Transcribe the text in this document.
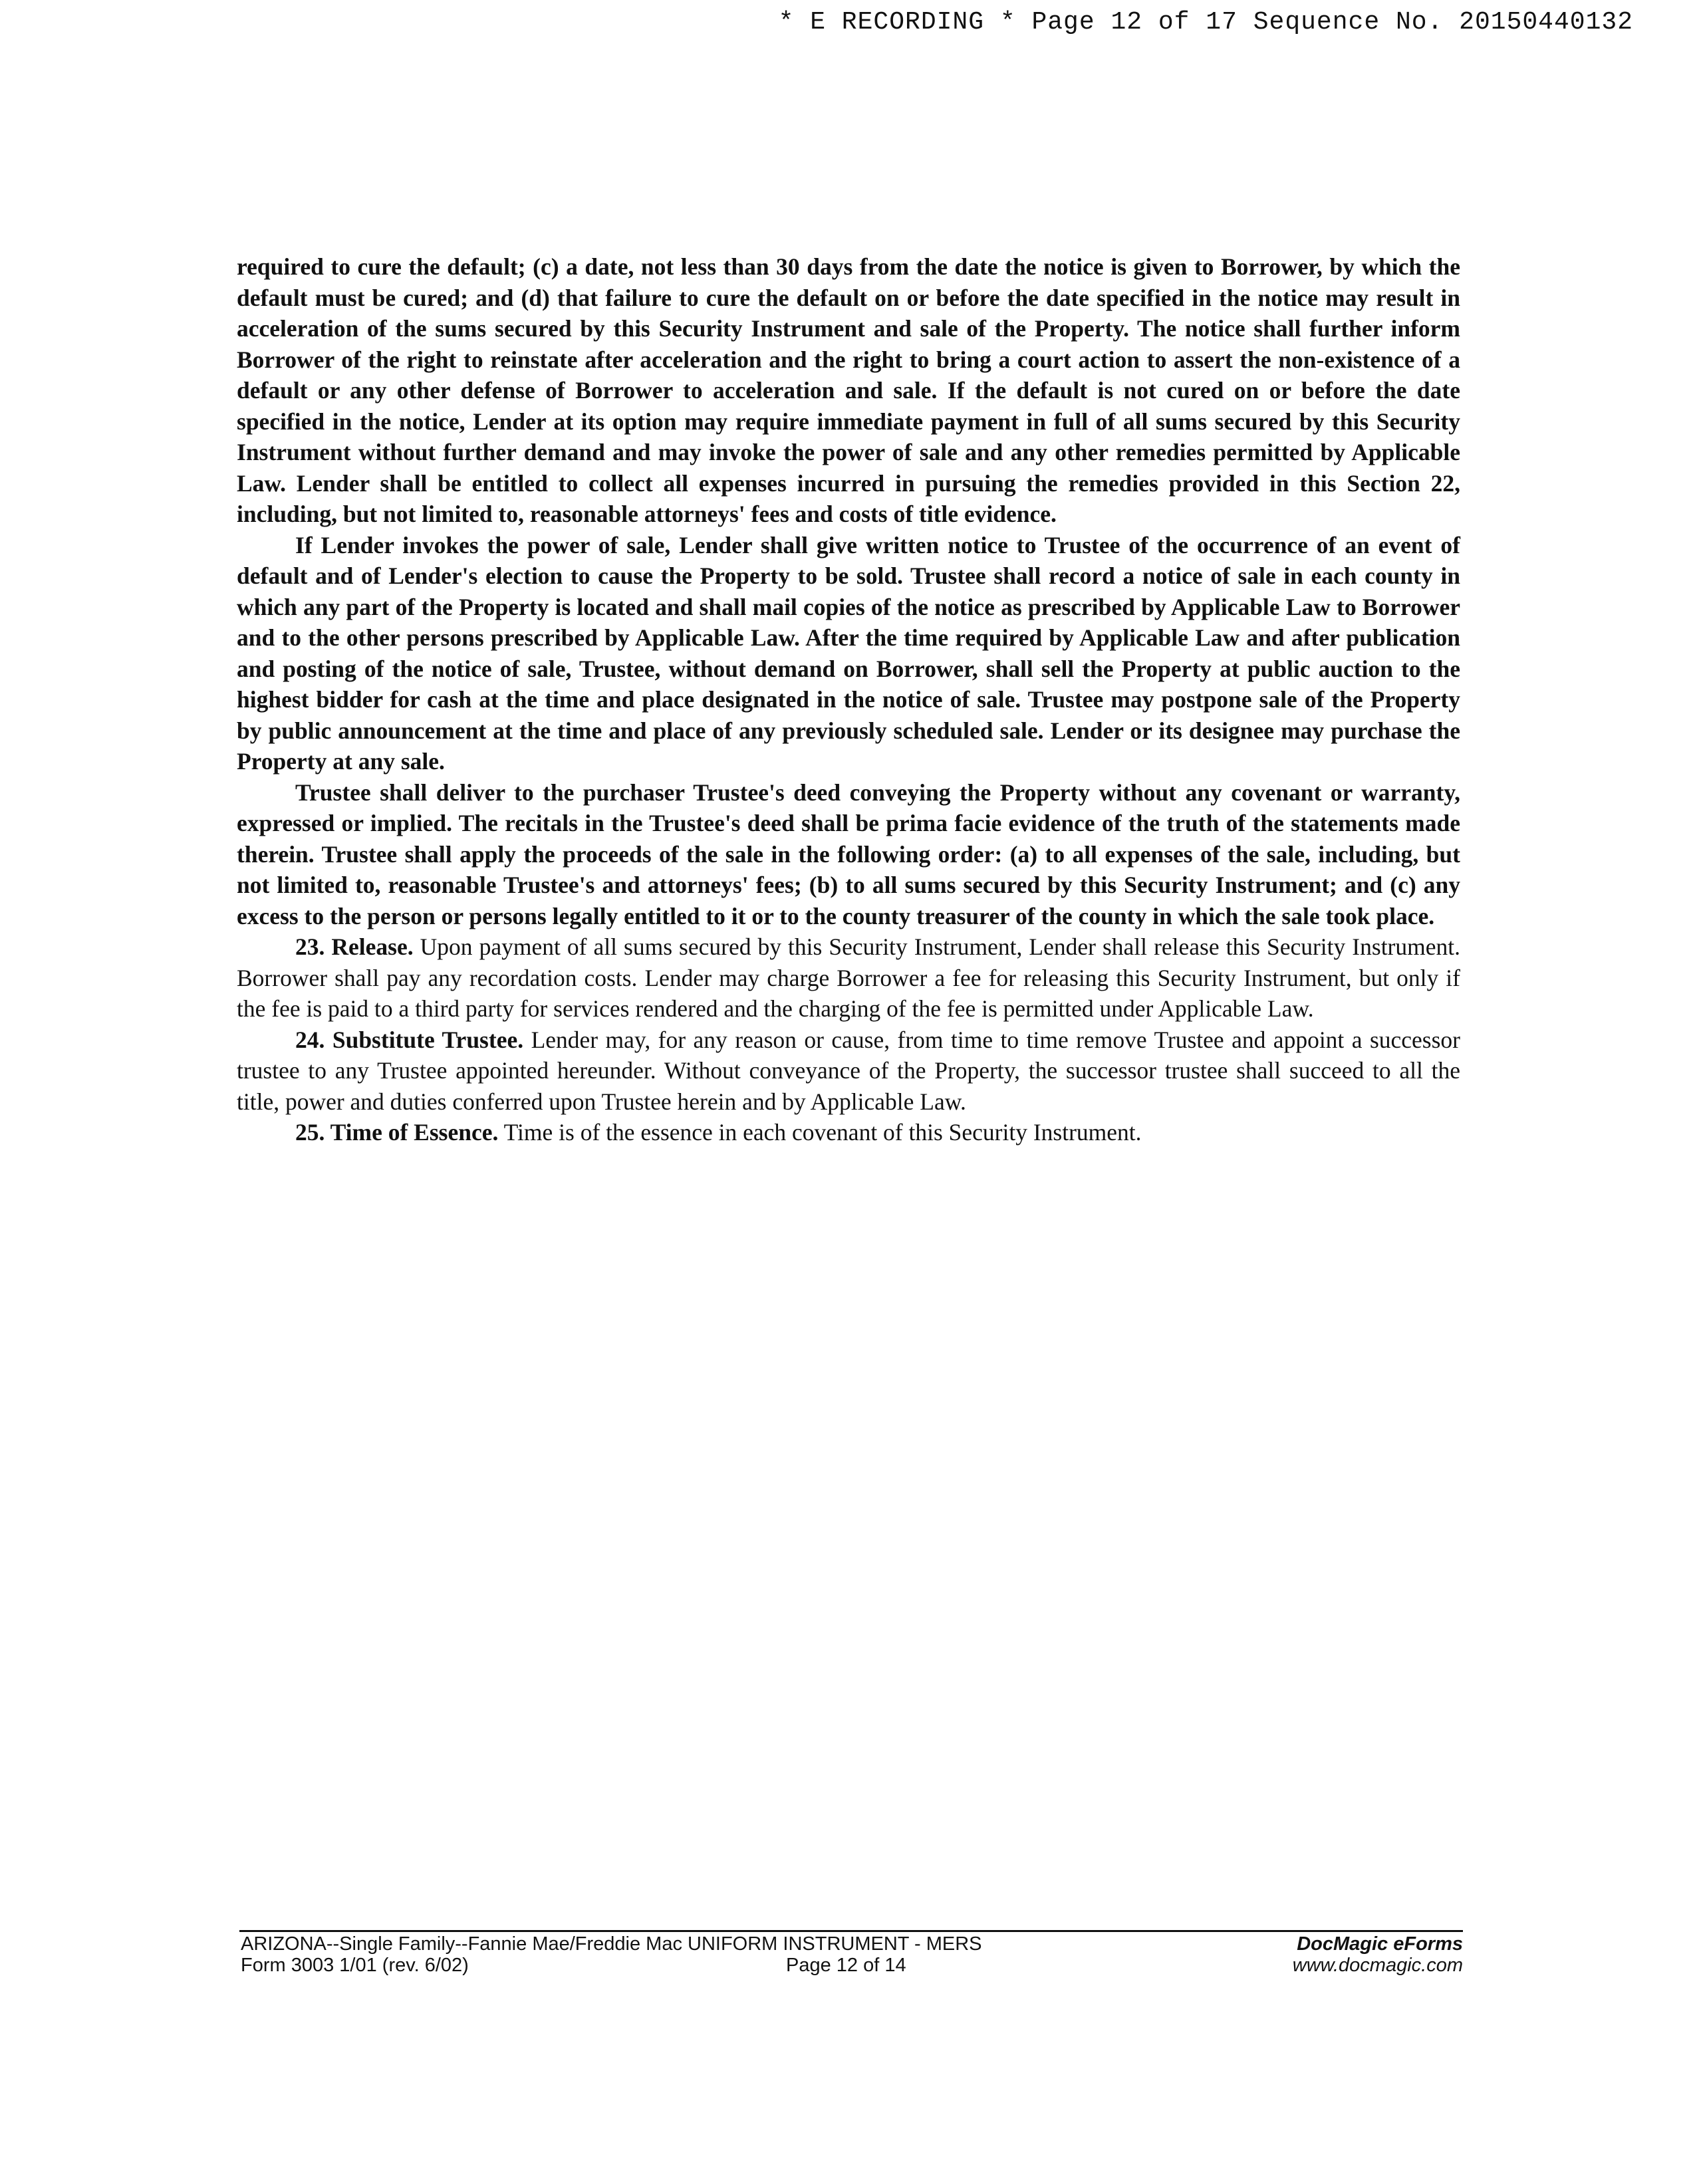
* E RECORDING * Page 12 of 17 Sequence No. 20150440132

required to cure the default; (c) a date, not less than 30 days from the date the notice is given to Borrower, by which the default must be cured; and (d) that failure to cure the default on or before the date specified in the notice may result in acceleration of the sums secured by this Security Instrument and sale of the Property. The notice shall further inform Borrower of the right to reinstate after acceleration and the right to bring a court action to assert the non-existence of a default or any other defense of Borrower to acceleration and sale. If the default is not cured on or before the date specified in the notice, Lender at its option may require immediate payment in full of all sums secured by this Security Instrument without further demand and may invoke the power of sale and any other remedies permitted by Applicable Law. Lender shall be entitled to collect all expenses incurred in pursuing the remedies provided in this Section 22, including, but not limited to, reasonable attorneys' fees and costs of title evidence.

If Lender invokes the power of sale, Lender shall give written notice to Trustee of the occurrence of an event of default and of Lender's election to cause the Property to be sold. Trustee shall record a notice of sale in each county in which any part of the Property is located and shall mail copies of the notice as prescribed by Applicable Law to Borrower and to the other persons prescribed by Applicable Law. After the time required by Applicable Law and after publication and posting of the notice of sale, Trustee, without demand on Borrower, shall sell the Property at public auction to the highest bidder for cash at the time and place designated in the notice of sale. Trustee may postpone sale of the Property by public announcement at the time and place of any previously scheduled sale. Lender or its designee may purchase the Property at any sale.

Trustee shall deliver to the purchaser Trustee's deed conveying the Property without any covenant or warranty, expressed or implied. The recitals in the Trustee's deed shall be prima facie evidence of the truth of the statements made therein. Trustee shall apply the proceeds of the sale in the following order: (a) to all expenses of the sale, including, but not limited to, reasonable Trustee's and attorneys' fees; (b) to all sums secured by this Security Instrument; and (c) any excess to the person or persons legally entitled to it or to the county treasurer of the county in which the sale took place.

23. Release. Upon payment of all sums secured by this Security Instrument, Lender shall release this Security Instrument. Borrower shall pay any recordation costs. Lender may charge Borrower a fee for releasing this Security Instrument, but only if the fee is paid to a third party for services rendered and the charging of the fee is permitted under Applicable Law.

24. Substitute Trustee. Lender may, for any reason or cause, from time to time remove Trustee and appoint a successor trustee to any Trustee appointed hereunder. Without conveyance of the Property, the successor trustee shall succeed to all the title, power and duties conferred upon Trustee herein and by Applicable Law.

25. Time of Essence. Time is of the essence in each covenant of this Security Instrument.

ARIZONA--Single Family--Fannie Mae/Freddie Mac UNIFORM INSTRUMENT - MERS
Form 3003 1/01 (rev. 6/02)	Page 12 of 14
DocMagic eForms
www.docmagic.com
